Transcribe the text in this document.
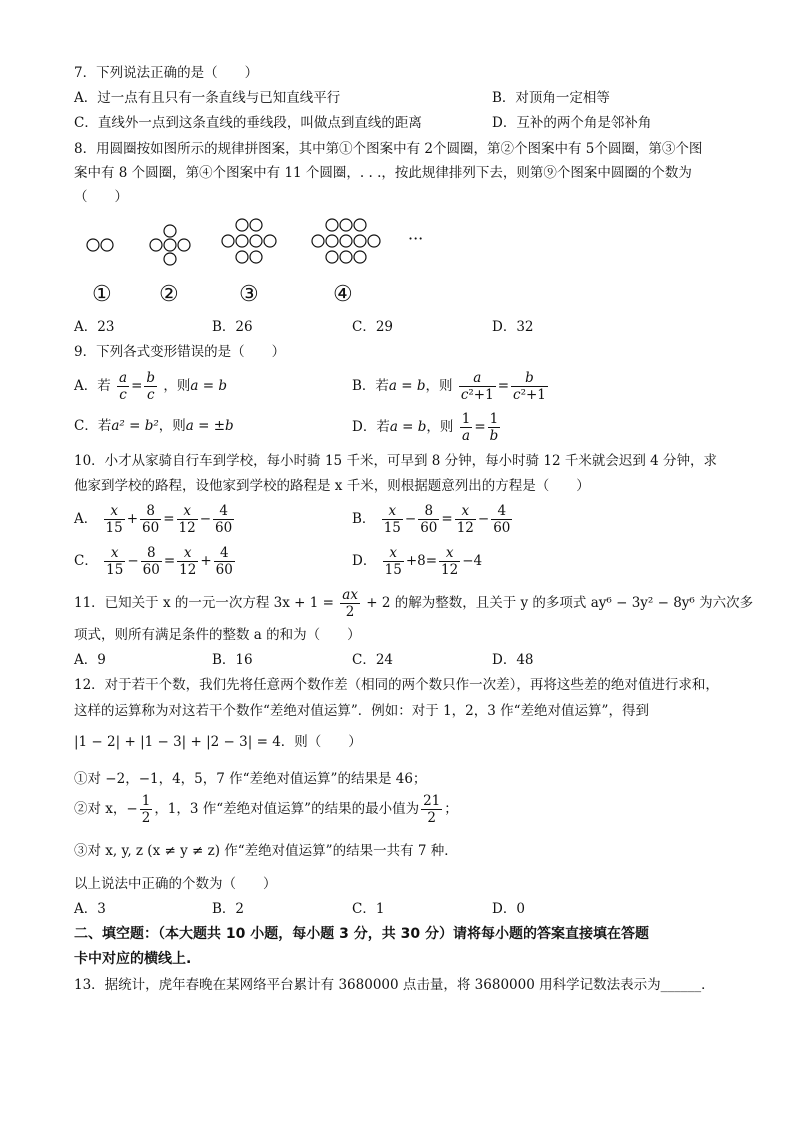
7．下列说法正确的是（　　）
A．过一点有且只有一条直线与已知直线平行	B．对顶角一定相等
C．直线外一点到这条直线的垂线段，叫做点到直线的距离	D．互补的两个角是邻补角
8．用圆圈按如图所示的规律拼图案，其中第①个图案中有 2个圆圈，第②个图案中有 5个圆圈，第③个图
案中有 8 个圆圈，第④个图案中有 11 个圆圈，. . .，按此规律排列下去，则第⑨个图案中圆圈的个数为
（　　）
···
① ②	③	④
A．23	B．26	C．29	D．32
9．下列各式变形错误的是（　　）
A．若 $\frac{a}{c} = \frac{b}{c}$ ，则a = b	B．若a = b，则 $\frac{a}{\text{c²+1}} = \frac{b}{\text{c²+1}}$
C．若a² = b²，则a = ±b	D．若a = b，则 $\frac{1}{a} = \frac{1}{b}$
10．小才从家骑自行车到学校，每小时骑 15 千米，可早到 8 分钟，每小时骑 12 千米就会迟到 4 分钟，求
他家到学校的路程，设他家到学校的路程是 x 千米，则根据题意列出的方程是（　　）
A． $\frac{x}{15} + \frac{8}{60} = \frac{x}{12} - \frac{4}{60}$	B． $\frac{x}{15} - \frac{8}{60} = \frac{x}{12} - \frac{4}{60}$
C． $\frac{x}{15} - \frac{8}{60} = \frac{x}{12} + \frac{4}{60}$	D． $\frac{x}{15} +8= \frac{x}{12} -4$
11．已知关于 x 的一元一次方程 $3x + 1 = \frac{ax}{2} + 2$ 的解为整数，且关于 y 的多项式 ay⁶ − 3y² − 8y⁶ 为六次多
项式，则所有满足条件的整数 a 的和为（　　）
A．9	B．16	C．24	D．48
12．对于若干个数，我们先将任意两个数作差（相同的两个数只作一次差），再将这些差的绝对值进行求和，
这样的运算称为对这若干个数作“差绝对值运算”．例如：对于 1，2，3 作“差绝对值运算”，得到
|1 − 2| + |1 − 3| + |2 − 3| = 4．则（　　）
①对 −2，−1，4，5，7 作“差绝对值运算”的结果是 46；
②对 x，− $\frac{1}{2}$ ，1，3 作“差绝对值运算”的结果的最小值为 $\frac{21}{2}$ ；
③对 x, y, z (x ≠ y ≠ z) 作“差绝对值运算”的结果一共有 7 种．
以上说法中正确的个数为（　　）
A．3	B．2	C．1	D．0
二、填空题：（本大题共 10 小题，每小题 3 分，共 30 分）请将每小题的答案直接填在答题
卡中对应的横线上.
13．据统计，虎年春晚在某网络平台累计有 3680000 点击量，将 3680000 用科学记数法表示为______．
